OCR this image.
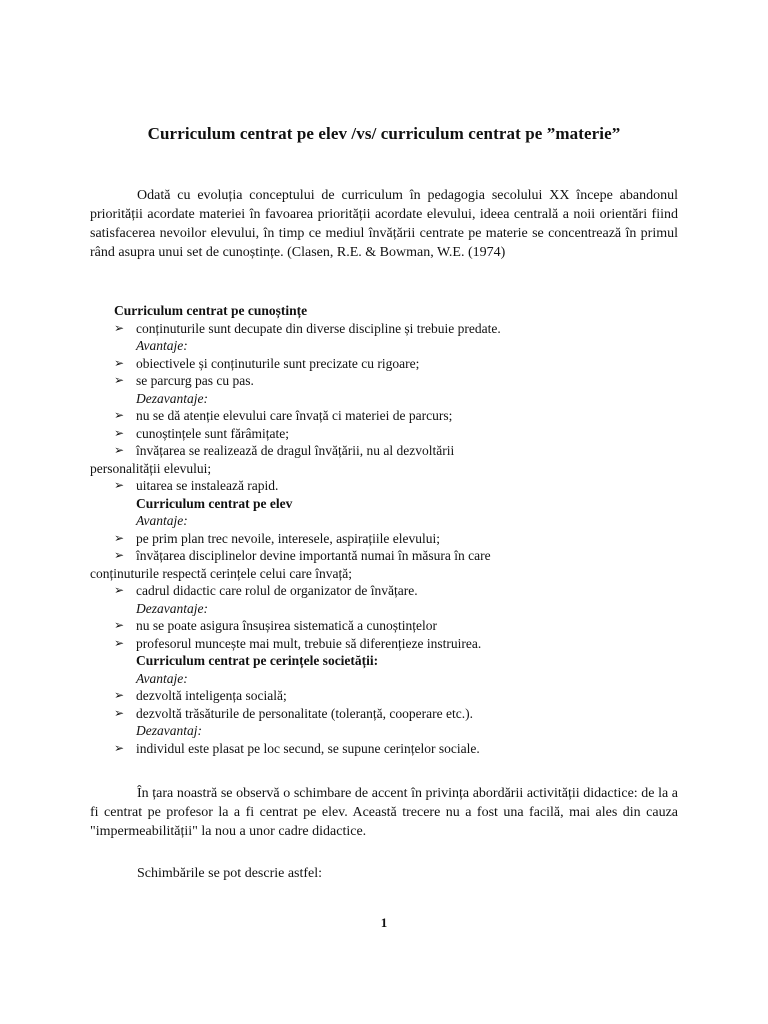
Curriculum centrat pe elev /vs/ curriculum centrat pe ”materie”

Odată cu evoluția conceptului de curriculum în pedagogia secolului XX începe abandonul priorității acordate materiei în favoarea priorității acordate elevului, ideea centrală a noii orientări fiind satisfacerea nevoilor elevului, în timp ce mediul învățării centrate pe materie se concentrează în primul rând asupra unui set de cunoștințe. (Clasen, R.E. & Bowman, W.E. (1974)

Curriculum centrat pe cunoștințe
➢ conținuturile sunt decupate din diverse discipline și trebuie predate.
Avantaje:
➢ obiectivele și conținuturile sunt precizate cu rigoare;
➢ se parcurg pas cu pas.
Dezavantaje:
➢ nu se dă atenție elevului care învață ci materiei de parcurs;
➢ cunoștințele sunt fărâmițate;
➢ învățarea se realizează de dragul învățării, nu al dezvoltării
personalității elevului;
➢ uitarea se instalează rapid.
Curriculum centrat pe elev
Avantaje:
➢ pe prim plan trec nevoile, interesele, aspirațiile elevului;
➢ învățarea disciplinelor devine importantă numai în măsura în care
conținuturile respectă cerințele celui care învață;
➢ cadrul didactic care rolul de organizator de învățare.
Dezavantaje:
➢ nu se poate asigura însușirea sistematică a cunoștințelor
➢ profesorul muncește mai mult, trebuie să diferențieze instruirea.
Curriculum centrat pe cerințele societății:
Avantaje:
➢ dezvoltă inteligența socială;
➢ dezvoltă trăsăturile de personalitate (toleranță, cooperare etc.).
Dezavantaj:
➢ individul este plasat pe loc secund, se supune cerințelor sociale.

În țara noastră se observă o schimbare de accent în privința abordării activității didactice: de la a fi centrat pe profesor la a fi centrat pe elev. Această trecere nu a fost una facilă, mai ales din cauza "impermeabilității" la nou a unor cadre didactice.

Schimbările se pot descrie astfel:

1
